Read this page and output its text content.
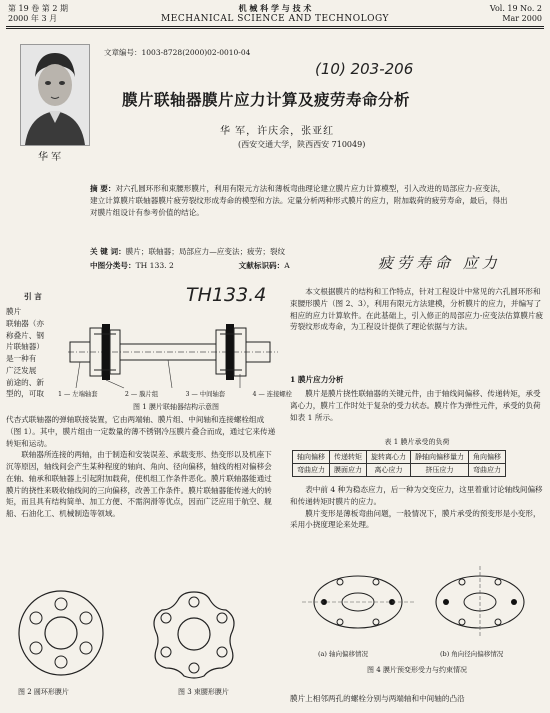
第 19 卷 第 2 期
2000 年 3 月
机 械 科 学 与 技 术
MECHANICAL SCIENCE AND TECHNOLOGY
Vol. 19 No. 2
Mar 2000
华 军
文章编号：1003-8728(2000)02-0010-04
(10) 203-206
膜片联轴器膜片应力计算及疲劳寿命分析
华 军，许庆余，张亚红
(西安交通大学，陕西西安 710049)
摘 要：对六孔圆环形和束腰形膜片，利用有限元方法和薄板弯曲理论建立膜片应力计算模型，引入改进的局部应力-应变法，建立计算膜片联轴器膜片疲劳裂纹形成寿命的模型和方法。定量分析两种形式膜片的应力，附加载荷的疲劳寿命，最后，得出对膜片组设计有参考价值的结论。
关 键 词：膜片；联轴器；局部应力—应变法；疲劳；裂纹
中图分类号：TH 133. 2	文献标识码：A	疲劳寿命 应力
引 言
膜片
联轴器（亦
称叠片、钢
片联轴器）
是一种有
广泛发展
前途的、新
型的，可取
TH133.4
1 — 左端轴套	2 — 膜片组	3 — 中间轴套	4 — 连接螺栓
图 1 膜片联轴器结构示意图

代杏式联轴器的弹轴联接装置，它由两端轴、膜片组、中间轴和连接螺栓组成（图 1）。其中，膜片组由一定数量的薄不锈钢冷压膜片叠合而成，通过它来传递转矩和运动。

联轴器所连接的两轴，由于制造和安装误差、承载变形、热变形以及机座下沉等原因，轴线间会产生某种程度的轴向、角向、径向偏移，轴线的相对偏移会在轴、轴承和联轴器上引起附加载荷，使机组工作条件恶化。膜片联轴器能通过膜片的挠性来吸收轴线间的三向偏移，改善工作条件。膜片联轴器能传递大的转矩，而且具有结构简单、加工方便、不需润滑等优点，因而广泛应用于航空、舰船、石油化工、机械制造等领域。

图 2 圆环形膜片	图 3 束腰形膜片

本文根据膜片的结构和工作特点，针对工程设计中常见的六孔圆环形和束腰形膜片（图 2、3），利用有限元方法建模，分析膜片的应力，并编写了相应的应力计算软件。在此基础上，引入修正的局部应力-应变法估算膜片疲劳裂纹形成寿命，为工程设计提供了理论依据与方法。

1 膜片应力分析

膜片是膜片挠性联轴器的关键元件，由于轴线间偏移、传递转矩，承受离心力，膜片工作时处于复杂的受力状态。膜片作为弹性元件，承受的负荷如表 1 所示。

表 1 膜片承受的负荷
轴向偏移	传递转矩	旋转离心力	静轴向偏移量力	角向偏移
弯曲应力	膜面应力	离心应力	挤压应力	弯曲应力

表中前 4 种为稳态应力，后一种为交变应力，这里着重讨论轴线间偏移和传递转矩时膜片的应力。

膜片变形是薄板弯曲问题，一般情况下，膜片承受的预变形是小变形，采用小挠度理论来处理。

(a) 轴向偏移情况	(b) 角向径向偏移情况
图 4 膜片预变形受力与约束情况
膜片上相邻两孔的螺栓分别与两端轴和中间轴的凸沿
